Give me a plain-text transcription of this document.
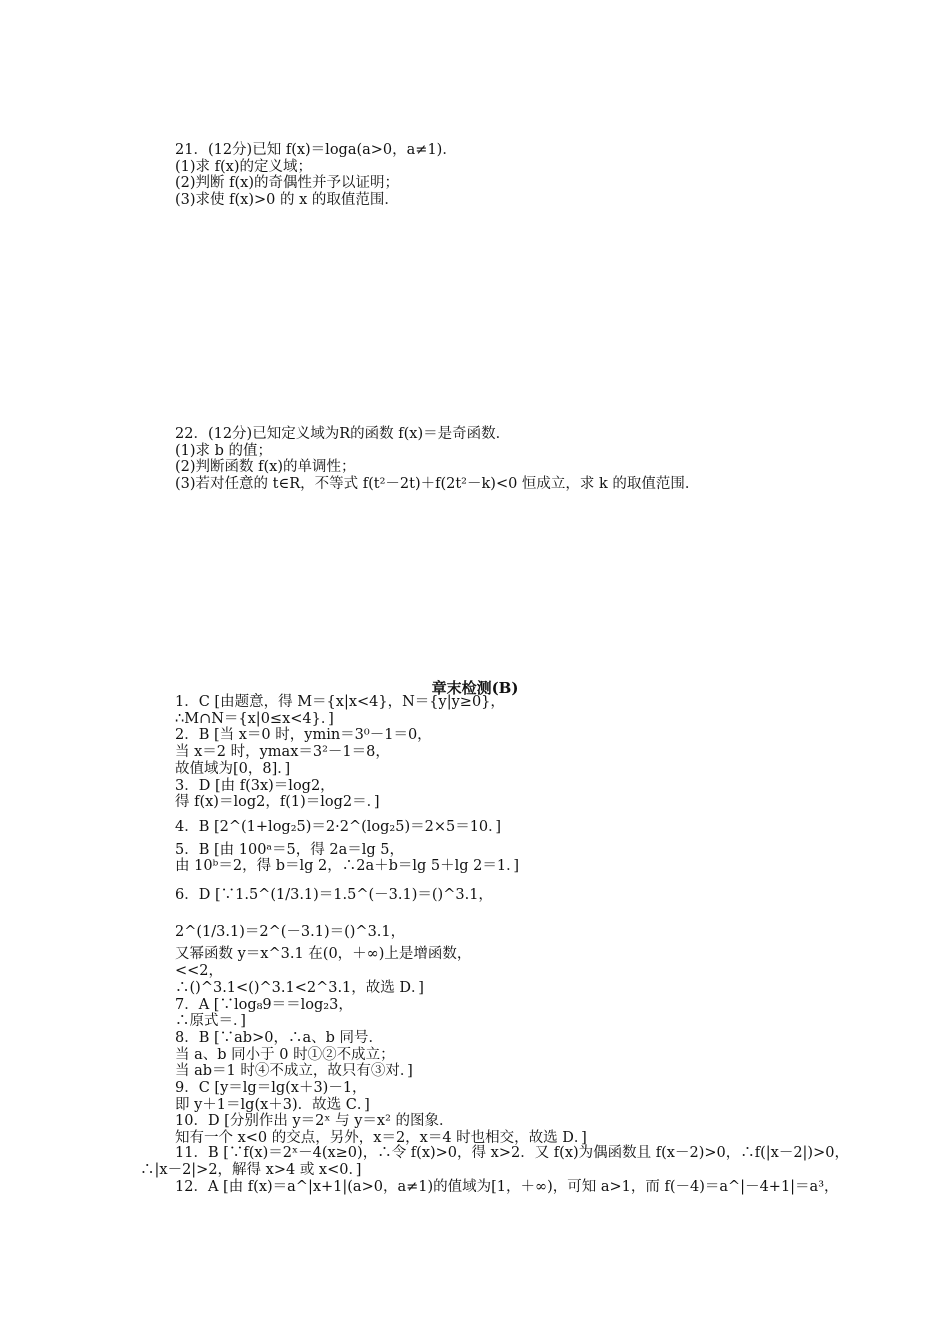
21．(12分)已知 f(x)＝loga(a>0，a≠1)．
(1)求 f(x)的定义域；
(2)判断 f(x)的奇偶性并予以证明；
(3)求使 f(x)>0 的 x 的取值范围．
22．(12分)已知定义域为R的函数 f(x)＝是奇函数．
(1)求 b 的值；
(2)判断函数 f(x)的单调性；
(3)若对任意的 t∈R，不等式 f(t²－2t)＋f(2t²－k)<0 恒成立，求 k 的取值范围．
章末检测(B)
1．C [由题意，得 M＝{x|x<4}，N＝{y|y≥0}，
∴M∩N＝{x|0≤x<4}．]
2．B [当 x＝0 时，ymin＝3⁰－1＝0，
当 x＝2 时，ymax＝3²－1＝8，
故值域为[0，8]．]
3．D [由 f(3x)＝log2，
得 f(x)＝log2，f(1)＝log2＝．]
4．B [2^(1+log₂5)＝2·2^(log₂5)＝2×5＝10．]
5．B [由 100ᵃ＝5，得 2a＝lg 5，
由 10ᵇ＝2，得 b＝lg 2，∴2a＋b＝lg 5＋lg 2＝1．]
6．D [∵1.5^(1/3.1)＝1.5^(－3.1)＝()^3.1，
2^(1/3.1)＝2^(－3.1)＝()^3.1，
又幂函数 y＝x^3.1 在(0，＋∞)上是增函数，
<<2，
∴()^3.1<()^3.1<2^3.1，故选 D．]
7．A [∵log₈9＝＝log₂3，
∴原式＝．]
8．B [∵ab>0，∴a、b 同号．
当 a、b 同小于 0 时①②不成立；
当 ab＝1 时④不成立，故只有③对．]
9．C [y＝lg＝lg(x＋3)－1，
即 y＋1＝lg(x＋3)．故选 C．]
10．D [分别作出 y＝2ˣ 与 y＝x² 的图象．
知有一个 x<0 的交点，另外，x＝2，x＝4 时也相交，故选 D．]
11．B [∵f(x)＝2ˣ－4(x≥0)，∴令 f(x)>0，得 x>2．又 f(x)为偶函数且 f(x－2)>0，∴f(|x－2|)>0，∴|x－2|>2，解得 x>4 或 x<0．]
12．A [由 f(x)＝a^|x+1|(a>0，a≠1)的值域为[1，＋∞)，可知 a>1，而 f(－4)＝a^|－4+1|＝a³，
